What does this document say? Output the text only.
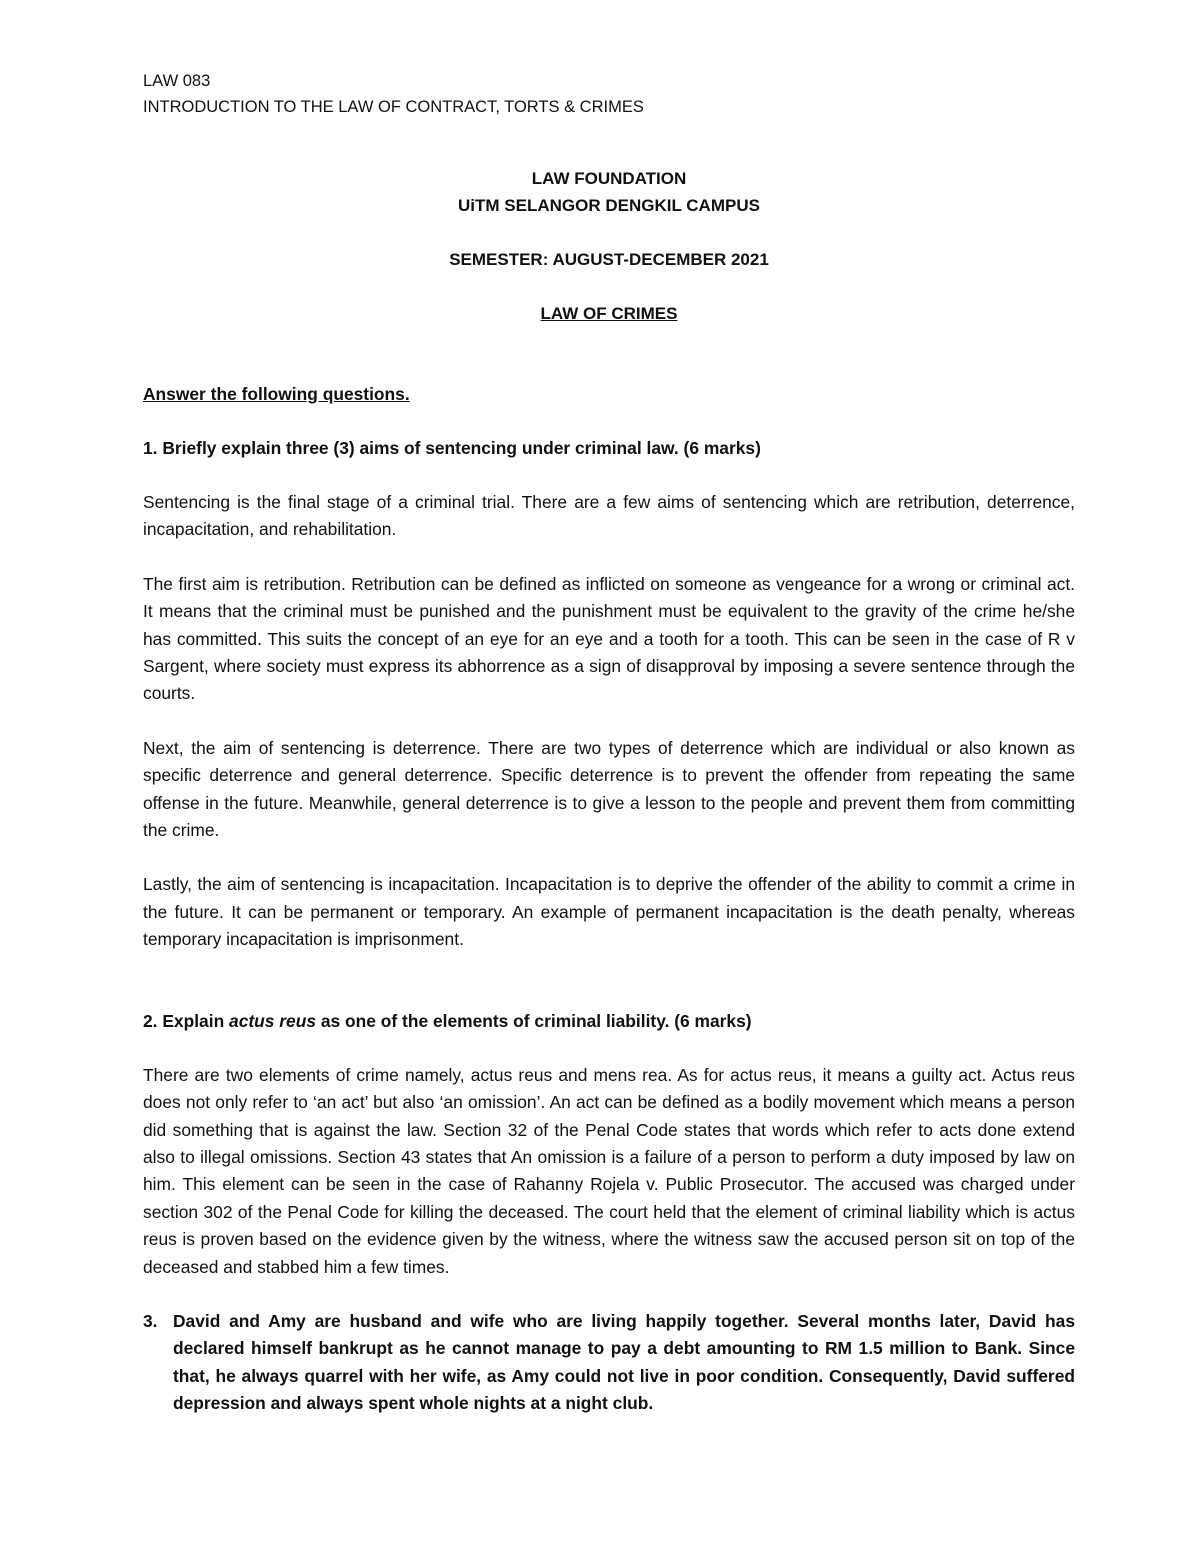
LAW 083
INTRODUCTION TO THE LAW OF CONTRACT, TORTS & CRIMES
LAW FOUNDATION
UiTM SELANGOR DENGKIL CAMPUS
SEMESTER: AUGUST-DECEMBER 2021
LAW OF CRIMES
Answer the following questions.
1. Briefly explain three (3) aims of sentencing under criminal law. (6 marks)

Sentencing is the final stage of a criminal trial. There are a few aims of sentencing which are retribution, deterrence, incapacitation, and rehabilitation.

The first aim is retribution. Retribution can be defined as inflicted on someone as vengeance for a wrong or criminal act. It means that the criminal must be punished and the punishment must be equivalent to the gravity of the crime he/she has committed. This suits the concept of an eye for an eye and a tooth for a tooth. This can be seen in the case of R v Sargent, where society must express its abhorrence as a sign of disapproval by imposing a severe sentence through the courts.

Next, the aim of sentencing is deterrence. There are two types of deterrence which are individual or also known as specific deterrence and general deterrence. Specific deterrence is to prevent the offender from repeating the same offense in the future. Meanwhile, general deterrence is to give a lesson to the people and prevent them from committing the crime.

Lastly, the aim of sentencing is incapacitation. Incapacitation is to deprive the offender of the ability to commit a crime in the future. It can be permanent or temporary. An example of permanent incapacitation is the death penalty, whereas temporary incapacitation is imprisonment.

2. Explain actus reus as one of the elements of criminal liability. (6 marks)

There are two elements of crime namely, actus reus and mens rea. As for actus reus, it means a guilty act. Actus reus does not only refer to ‘an act’ but also ‘an omission’. An act can be defined as a bodily movement which means a person did something that is against the law. Section 32 of the Penal Code states that words which refer to acts done extend also to illegal omissions. Section 43 states that An omission is a failure of a person to perform a duty imposed by law on him. This element can be seen in the case of Rahanny Rojela v. Public Prosecutor. The accused was charged under section 302 of the Penal Code for killing the deceased. The court held that the element of criminal liability which is actus reus is proven based on the evidence given by the witness, where the witness saw the accused person sit on top of the deceased and stabbed him a few times.

3. David and Amy are husband and wife who are living happily together. Several months later, David has declared himself bankrupt as he cannot manage to pay a debt amounting to RM 1.5 million to Bank. Since that, he always quarrel with her wife, as Amy could not live in poor condition. Consequently, David suffered depression and always spent whole nights at a night club.
